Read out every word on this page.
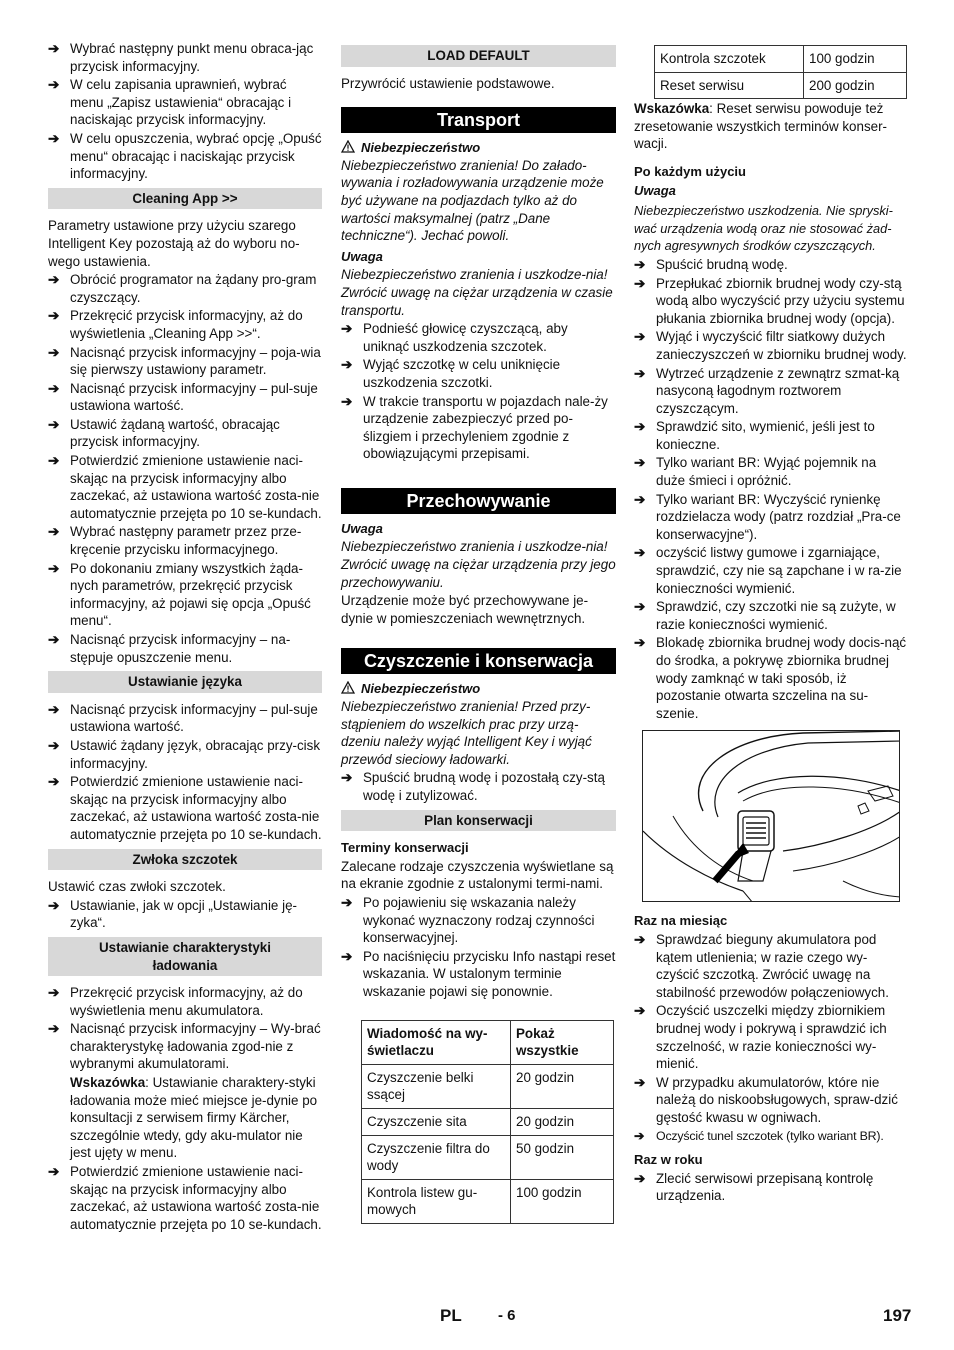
➔ Wybrać następny punkt menu obraca-jąc przycisk informacyjny.
➔ W celu zapisania uprawnień, wybrać menu „Zapisz ustawienia“ obracając i naciskając przycisk informacyjny.
➔ W celu opuszczenia, wybrać opcję „Opuść menu“ obracając i naciskając przycisk informacyjny.
Cleaning App >>

Parametry ustawione przy użyciu szarego Intelligent Key pozostają aż do wyboru no-wego ustawienia.

➔ Obrócić programator na żądany pro-gram czyszczący.
➔ Przekręcić przycisk informacyjny, aż do wyświetlenia „Cleaning App >>“.
➔ Nacisnąć przycisk informacyjny – poja-wia się pierwszy ustawiony parametr.
➔ Nacisnąć przycisk informacyjny – pul-suje ustawiona wartość.
➔ Ustawić żądaną wartość, obracając przycisk informacyjny.
➔ Potwierdzić zmienione ustawienie naci-skając na przycisk informacyjny albo zaczekać, aż ustawiona wartość zosta-nie automatycznie przejęta po 10 se-kundach.
➔ Wybrać następny parametr przez prze-kręcenie przycisku informacyjnego.
➔ Po dokonaniu zmiany wszystkich żąda-nych parametrów, przekręcić przycisk informacyjny, aż pojawi się opcja „Opuść menu“.
➔ Nacisnąć przycisk informacyjny – na-stępuje opuszczenie menu.
Ustawianie języka
➔ Nacisnąć przycisk informacyjny – pul-suje ustawiona wartość.
➔ Ustawić żądany język, obracając przy-cisk informacyjny.
➔ Potwierdzić zmienione ustawienie naci-skając na przycisk informacyjny albo zaczekać, aż ustawiona wartość zosta-nie automatycznie przejęta po 10 se-kundach.
Zwłoka szczotek

Ustawić czas zwłoki szczotek.

➔ Ustawianie, jak w opcji „Ustawianie ję-zyka“.
Ustawianie charakterystyki
ładowania
➔ Przekręcić przycisk informacyjny, aż do wyświetlenia menu akumulatora.
➔ Nacisnąć przycisk informacyjny – Wy-brać charakterystykę ładowania zgod-nie z wybranymi akumulatorami.
Wskazówka: Ustawianie charaktery-styki ładowania może mieć miejsce je-dynie po konsultacji z serwisem firmy Kärcher, szczególnie wtedy, gdy aku-mulator nie jest ujęty w menu.
➔ Potwierdzić zmienione ustawienie naci-skając na przycisk informacyjny albo zaczekać, aż ustawiona wartość zosta-nie automatycznie przejęta po 10 se-kundach.
LOAD DEFAULT

Przywrócić ustawienie podstawowe.

Transport
Niebezpieczeństwo

Niebezpieczeństwo zranienia! Do załado-wywania i rozładowywania urządzenie może być używane na podjazdach tylko aż do wartości maksymalnej (patrz „Dane techniczne“). Jechać powoli.

Uwaga

Niebezpieczeństwo zranienia i uszkodze-nia! Zwrócić uwagę na ciężar urządzenia w czasie transportu.

➔ Podnieść głowicę czyszczącą, aby uniknąć uszkodzenia szczotek.
➔ Wyjąć szczotkę w celu uniknięcie uszkodzenia szczotki.
➔ W trakcie transportu w pojazdach nale-ży urządzenie zabezpieczyć przed po-ślizgiem i przechyleniem zgodnie z obowiązującymi przepisami.
Przechowywanie

Uwaga

Niebezpieczeństwo zranienia i uszkodze-nia! Zwrócić uwagę na ciężar urządzenia przy jego przechowywaniu.

Urządzenie może być przechowywane je-dynie w pomieszczeniach wewnętrznych.

Czyszczenie i konserwacja
Niebezpieczeństwo

Niebezpieczeństwo zranienia! Przed przy-stąpieniem do wszelkich prac przy urzą-dzeniu należy wyjąć Intelligent Key i wyjąć przewód sieciowy ładowarki.

➔ Spuścić brudną wodę i pozostałą czy-stą wodę i zutylizować.
Plan konserwacji

Terminy konserwacji

Zalecane rodzaje czyszczenia wyświetlane są na ekranie zgodnie z ustalonymi termi-nami.

➔ Po pojawieniu się wskazania należy wykonać wyznaczony rodzaj czynności konserwacyjnej.
➔ Po naciśnięciu przycisku Info nastąpi reset wskazania. W ustalonym terminie wskazanie pojawi się ponownie.
Wiadomość na wy-świetlaczu	Pokaż wszystkie
Czyszczenie belki ssącej	20 godzin
Czyszczenie sita	20 godzin
Czyszczenie filtra do wody	50 godzin
Kontrola listew gu-mowych	100 godzin
Kontrola szczotek	100 godzin
Reset serwisu	200 godzin

Wskazówka: Reset serwisu powoduje też zresetowanie wszystkich terminów konser-wacji.

Po każdym użyciu

Uwaga

Niebezpieczeństwo uszkodzenia. Nie spryski-wać urządzenia wodą oraz nie stosować żad-nych agresywnych środków czyszczących.

➔ Spuścić brudną wodę.
➔ Przepłukać zbiornik brudnej wody czy-stą wodą albo wyczyścić przy użyciu systemu płukania zbiornika brudnej wody (opcja).
➔ Wyjąć i wyczyścić filtr siatkowy dużych zanieczyszczeń w zbiorniku brudnej wody.
➔ Wytrzeć urządzenie z zewnątrz szmat-ką nasyconą łagodnym roztworem czyszczącym.
➔ Sprawdzić sito, wymienić, jeśli jest to konieczne.
➔ Tylko wariant BR: Wyjąć pojemnik na duże śmieci i opróżnić.
➔ Tylko wariant BR: Wyczyścić rynienkę rozdzielacza wody (patrz rozdział „Pra-ce konserwacyjne“).
➔ oczyścić listwy gumowe i zgarniające, sprawdzić, czy nie są zapchane i w ra-zie konieczności wymienić.
➔ Sprawdzić, czy szczotki nie są zużyte, w razie konieczności wymienić.
➔ Blokadę zbiornika brudnej wody docis-nąć do środka, a pokrywę zbiornika brudnej wody zamknąć w taki sposób, iż pozostanie otwarta szczelina na su-szenie.

Raz na miesiąc

➔ Sprawdzać bieguny akumulatora pod kątem utlenienia; w razie czego wy-czyścić szczotką. Zwrócić uwagę na stabilność przewodów połączeniowych.
➔ Oczyścić uszczelki między zbiornikiem brudnej wody i pokrywą i sprawdzić ich szczelność, w razie konieczności wy-mienić.
➔ W przypadku akumulatorów, które nie należą do niskoobsługowych, spraw-dzić gęstość kwasu w ogniwach.
➔ Oczyścić tunel szczotek (tylko wariant BR).

Raz w roku

➔ Zlecić serwisowi przepisaną kontrolę urządzenia.
PL - 6	197
